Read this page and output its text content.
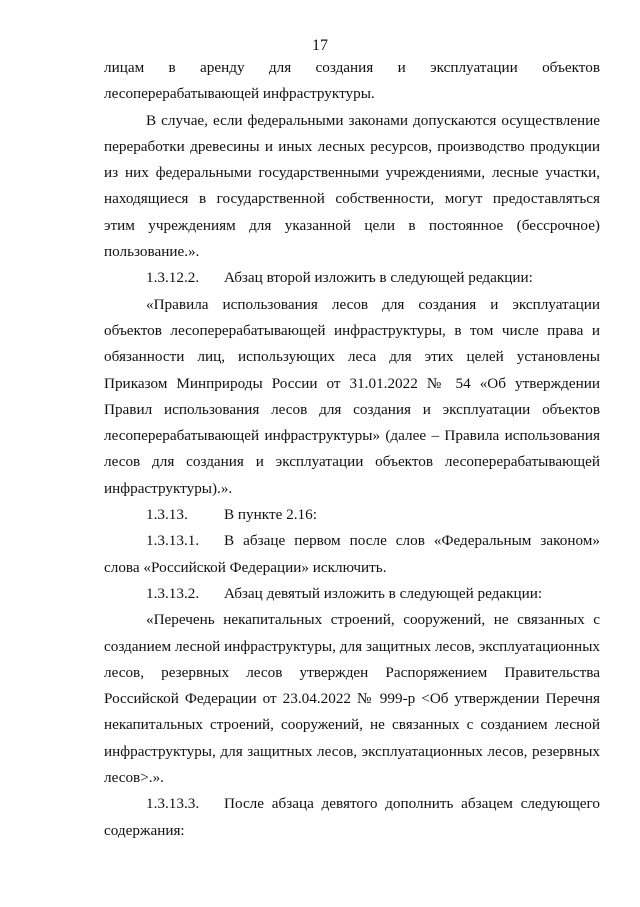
17

лицам в аренду для создания и эксплуатации объектов лесоперерабатывающей инфраструктуры.

В случае, если федеральными законами допускаются осуществление переработки древесины и иных лесных ресурсов, производство продукции из них федеральными государственными учреждениями, лесные участки, находящиеся в государственной собственности, могут предоставляться этим учреждениям для указанной цели в постоянное (бессрочное) пользование.».

1.3.12.2. Абзац второй изложить в следующей редакции:

«Правила использования лесов для создания и эксплуатации объектов лесоперерабатывающей инфраструктуры, в том числе права и обязанности лиц, использующих леса для этих целей установлены Приказом Минприроды России от 31.01.2022 № 54 «Об утверждении Правил использования лесов для создания и эксплуатации объектов лесоперерабатывающей инфраструктуры» (далее – Правила использования лесов для создания и эксплуатации объектов лесоперерабатывающей инфраструктуры).».

1.3.13. В пункте 2.16:

1.3.13.1. В абзаце первом после слов «Федеральным законом» слова «Российской Федерации» исключить.

1.3.13.2. Абзац девятый изложить в следующей редакции:

«Перечень некапитальных строений, сооружений, не связанных с созданием лесной инфраструктуры, для защитных лесов, эксплуатационных лесов, резервных лесов утвержден Распоряжением Правительства Российской Федерации от 23.04.2022 № 999-р <Об утверждении Перечня некапитальных строений, сооружений, не связанных с созданием лесной инфраструктуры, для защитных лесов, эксплуатационных лесов, резервных лесов>.».

1.3.13.3. После абзаца девятого дополнить абзацем следующего содержания:
